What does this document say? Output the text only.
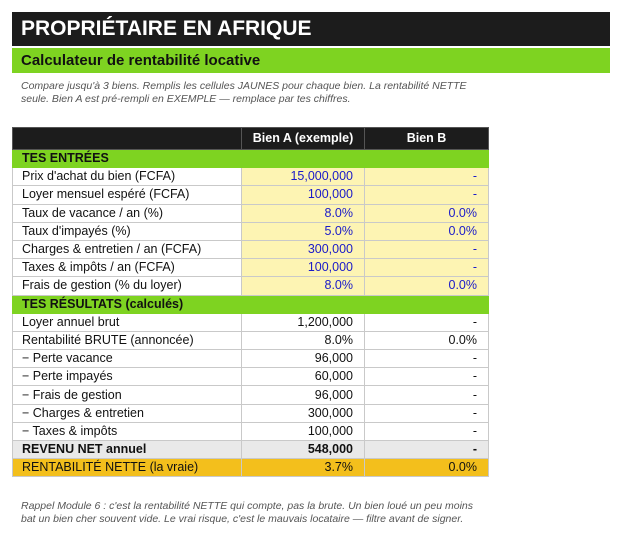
PROPRIÉTAIRE EN AFRIQUE
Calculateur de rentabilité locative
Compare jusqu'à 3 biens. Remplis les cellules JAUNES pour chaque bien. La rentabilité NETTE
seule. Bien A est pré-rempli en EXEMPLE — remplace par tes chiffres.
	Bien A (exemple)	Bien B
TES ENTRÉES		
Prix d'achat du bien (FCFA)	15,000,000	-
Loyer mensuel espéré (FCFA)	100,000	-
Taux de vacance / an (%)	8.0%	0.0%
Taux d'impayés (%)	5.0%	0.0%
Charges & entretien / an (FCFA)	300,000	-
Taxes & impôts / an (FCFA)	100,000	-
Frais de gestion (% du loyer)	8.0%	0.0%
TES RÉSULTATS (calculés)		
Loyer annuel brut	1,200,000	-
Rentabilité BRUTE (annoncée)	8.0%	0.0%
− Perte vacance	96,000	-
− Perte impayés	60,000	-
− Frais de gestion	96,000	-
− Charges & entretien	300,000	-
− Taxes & impôts	100,000	-
REVENU NET annuel	548,000	-
RENTABILITÉ NETTE (la vraie)	3.7%	0.0%
Rappel Module 6 : c'est la rentabilité NETTE qui compte, pas la brute. Un bien loué un peu moins
bat un bien cher souvent vide. Le vrai risque, c'est le mauvais locataire — filtre avant de signer.
